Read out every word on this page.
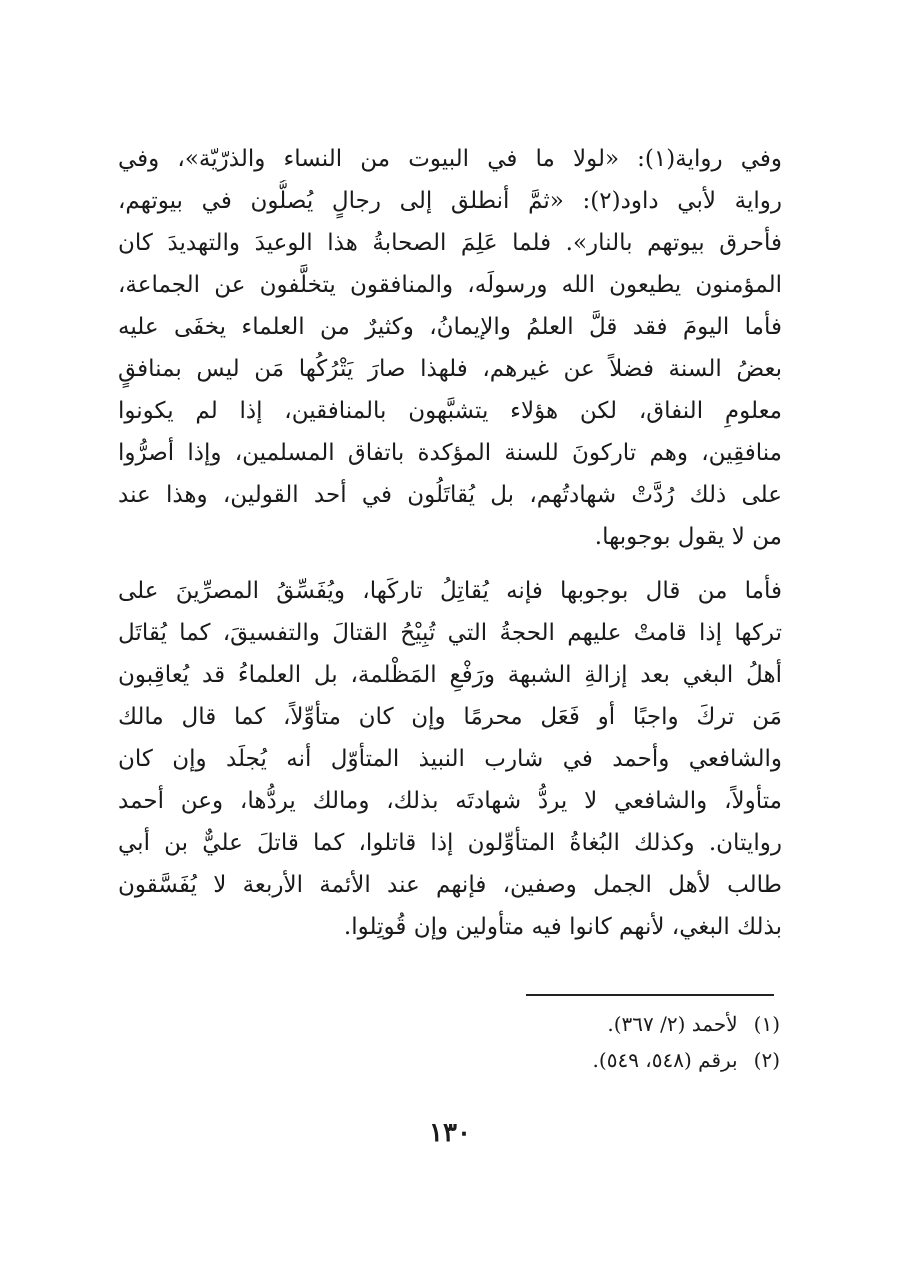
وفي رواية(١): «لولا ما في البيوت من النساء والذرّيّة»، وفي
رواية لأبي داود(٢): «ثمَّ أنطلق إلى رجالٍ يُصلُّون في بيوتهم،
فأحرق بيوتهم بالنار». فلما عَلِمَ الصحابةُ هذا الوعيدَ والتهديدَ كان
المؤمنون يطيعون الله ورسولَه، والمنافقون يتخلَّفون عن الجماعة،
فأما اليومَ فقد قلَّ العلمُ والإيمانُ، وكثيرٌ من العلماء يخفَى عليه
بعضُ السنة فضلاً عن غيرهم، فلهذا صارَ يَتْرُكُها مَن ليس بمنافقٍ
معلومِ النفاق، لكن هؤلاء يتشبَّهون بالمنافقين، إذا لم يكونوا
منافقِين، وهم تاركونَ للسنة المؤكدة باتفاق المسلمين، وإذا أصرُّوا
على ذلك رُدَّتْ شهادتُهم، بل يُقاتَلُون في أحد القولين، وهذا عند
من لا يقول بوجوبها.
فأما من قال بوجوبها فإنه يُقاتِلُ تاركَها، ويُفَسِّقُ المصرِّينَ على
تركها إذا قامتْ عليهم الحجةُ التي تُبِيْحُ القتالَ والتفسيقَ، كما يُقاتَل
أهلُ البغي بعد إزالةِ الشبهة ورَفْعِ المَظْلمة، بل العلماءُ قد يُعاقِبون
مَن تركَ واجبًا أو فَعَل محرمًا وإن كان متأوِّلاً، كما قال مالك
والشافعي وأحمد في شارب النبيذ المتأوّل أنه يُجلَد وإن كان
متأولاً، والشافعي لا يردُّ شهادتَه بذلك، ومالك يردُّها، وعن أحمد
روايتان. وكذلك البُغاةُ المتأوِّلون إذا قاتلوا، كما قاتلَ عليٌّ بن أبي
طالب لأهل الجمل وصفين، فإنهم عند الأئمة الأربعة لا يُفَسَّقون
بذلك البغي، لأنهم كانوا فيه متأولين وإن قُوتِلوا.
(١)لأحمد (٢/ ٣٦٧).
(٢)برقم (٥٤٨، ٥٤٩).
١٣٠
